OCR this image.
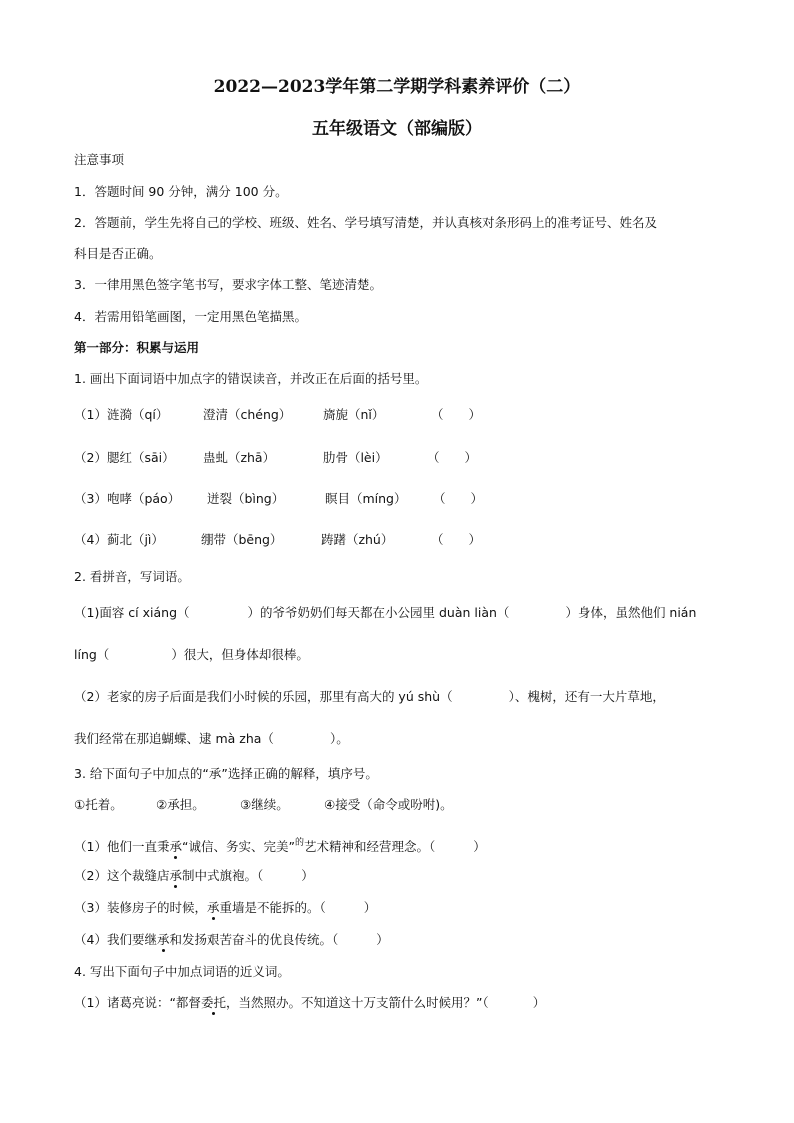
2022—2023学年第二学期学科素养评价（二）
五年级语文（部编版）
注意事项
1．答题时间 90 分钟，满分 100 分。
2．答题前，学生先将自己的学校、班级、姓名、学号填写清楚，并认真核对条形码上的准考证号、姓名及
科目是否正确。
3．一律用黑色签字笔书写，要求字体工整、笔迹清楚。
4．若需用铅笔画图，一定用黑色笔描黑。
第一部分：积累与运用
1. 画出下面词语中加点字的错误读音，并改正在后面的括号里。
（1）涟漪（qí）	澄清（chéng）	旖旎（nǐ）	（　　）
（2）腮红（sāi） 蛊虬（zhā）	肋骨（lèi）	（　　）
（3）咆哮（páo） 迸裂（bìng）	瞑目（míng） （　　）
（4）蓟北（jì）	绷带（bēng）	踌躇（zhú）	（　　）
2. 看拼音，写词语。
（1)面容 cí xiáng（	）的爷爷奶奶们每天都在小公园里 duàn liàn（	）身体，虽然他们 nián
líng（	）很大，但身体却很棒。
（2）老家的房子后面是我们小时候的乐园，那里有高大的 yú shù（	）、槐树，还有一大片草地，
我们经常在那追蝴蝶、逮 mà zha（	）。
3. 给下面句子中加点的“承”选择正确的解释，填序号。
①托着。	②承担。	③继续。	④接受（命令或吩咐)。
（1）他们一直秉承“诚信、务实、完美”$^的$艺术精神和经营理念。（	）
（2）这个裁缝店承制中式旗袍。（	）
（3）装修房子的时候，承重墙是不能拆的。（	）
（4）我们要继承和发扬艰苦奋斗的优良传统。（	）
4. 写出下面句子中加点词语的近义词。
（1）诸葛亮说：“都督委托，当然照办。不知道这十万支箭什么时候用？”（	）
